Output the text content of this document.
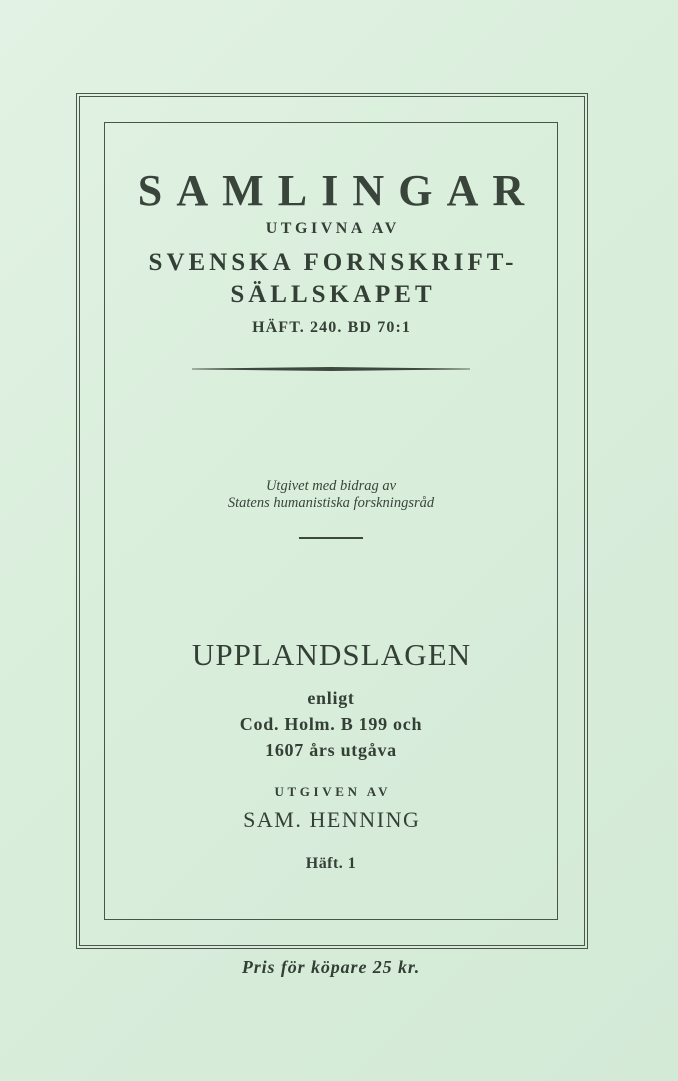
SAMLINGAR
UTGIVNA AV
SVENSKA FORNSKRIFT-
SÄLLSKAPET
HÄFT. 240. BD 70:1
Utgivet med bidrag av
Statens humanistiska forskningsråd
UPPLANDSLAGEN
enligt
Cod. Holm. B 199 och
1607 års utgåva
UTGIVEN AV
SAM. HENNING
Häft. 1
Pris för köpare 25 kr.
